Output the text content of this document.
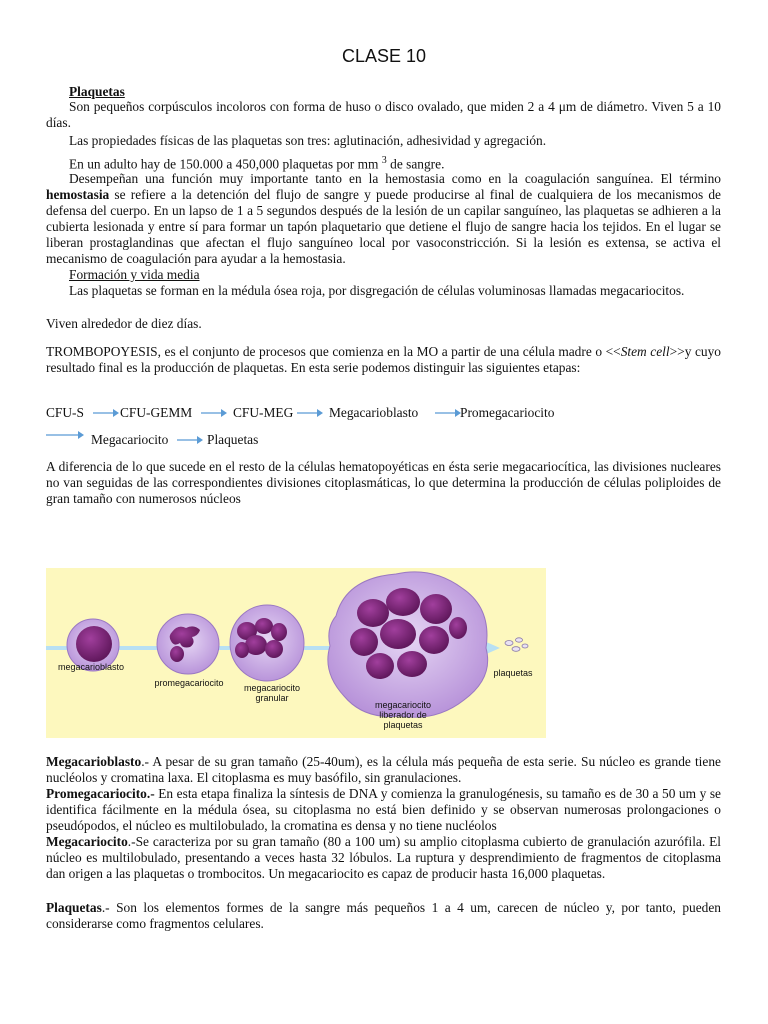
CLASE 10
Plaquetas

Son pequeños corpúsculos incoloros con forma de huso o disco ovalado, que miden 2 a 4 μm de diámetro. Viven 5 a 10 días.

Las propiedades físicas de las plaquetas son tres: aglutinación, adhesividad y agregación.

En un adulto hay de 150.000 a 450,000 plaquetas por mm $^3$ de sangre.

Desempeñan una función muy importante tanto en la hemostasia como en la coagulación sanguínea. El término hemostasia se refiere a la detención del flujo de sangre y puede producirse al final de cualquiera de los mecanismos de defensa del cuerpo. En un lapso de 1 a 5 segundos después de la lesión de un capilar sanguíneo, las plaquetas se adhieren a la cubierta lesionada y entre sí para formar un tapón plaquetario que detiene el flujo de sangre hacia los tejidos. En el lugar se liberan prostaglandinas que afectan el flujo sanguíneo local por vasoconstricción. Si la lesión es extensa, se activa el mecanismo de coagulación para ayudar a la hemostasia.

Formación y vida media

Las plaquetas se forman en la médula ósea roja, por disgregación de células voluminosas llamadas megacariocitos.

Viven alrededor de diez días.

TROMBOPOYESIS, es el conjunto de procesos que comienza en la MO a partir de una célula madre o <<Stem cell>>y cuyo resultado final es la producción de plaquetas. En esta serie podemos distinguir las siguientes etapas:

CFU-S	CFU-GEMM	CFU-MEG	Megacarioblasto	Promegacariocito
Megacariocito	Plaquetas

A diferencia de lo que sucede en el resto de la células hematopoyéticas en ésta serie megacariocítica, las divisiones nucleares no van seguidas de las correspondientes divisiones citoplasmáticas, lo que determina la producción de células poliploides de gran tamaño con numerosos núcleos

megacarioblasto
promegacariocito megacariocito
granular
megacariocito
liberador de
plaquetas
plaquetas

Megacarioblasto.- A pesar de su gran tamaño (25-40um), es la célula más pequeña de esta serie. Su núcleo es grande tiene nucléolos y cromatina laxa. El citoplasma es muy basófilo, sin granulaciones.

Promegacariocito.- En esta etapa finaliza la síntesis de DNA y comienza la granulogénesis, su tamaño es de 30 a 50 um y se identifica fácilmente en la médula ósea, su citoplasma no está bien definido y se observan numerosas prolongaciones o pseudópodos, el núcleo es multilobulado, la cromatina es densa y no tiene nucléolos

Megacariocito.-Se caracteriza por su gran tamaño (80 a 100 um) su amplio citoplasma cubierto de granulación azurófila. El núcleo es multilobulado, presentando a veces hasta 32 lóbulos. La ruptura y desprendimiento de fragmentos de citoplasma dan origen a las plaquetas o trombocitos. Un megacariocito es capaz de producir hasta 16,000 plaquetas.

Plaquetas.- Son los elementos formes de la sangre más pequeños 1 a 4 um, carecen de núcleo y, por tanto, pueden considerarse como fragmentos celulares.
